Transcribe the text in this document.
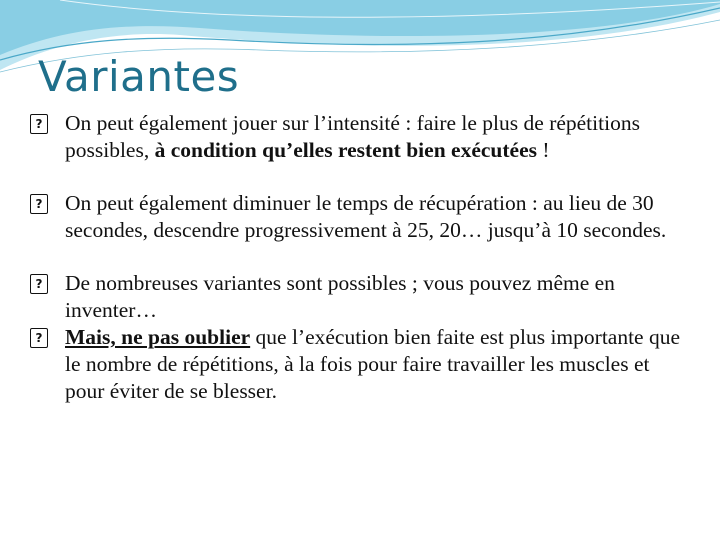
Variantes
? On peut également jouer sur l’intensité : faire le plus de répétitions possibles, à condition qu’elles restent bien exécutées !
? On peut également diminuer le temps de récupération : au lieu de 30 secondes, descendre progressivement à 25, 20… jusqu’à 10 secondes.
? De nombreuses variantes sont possibles ; vous pouvez même en inventer…
? Mais, ne pas oublier que l’exécution bien faite est plus importante que le nombre de répétitions, à la fois pour faire travailler les muscles et pour éviter de se blesser.
